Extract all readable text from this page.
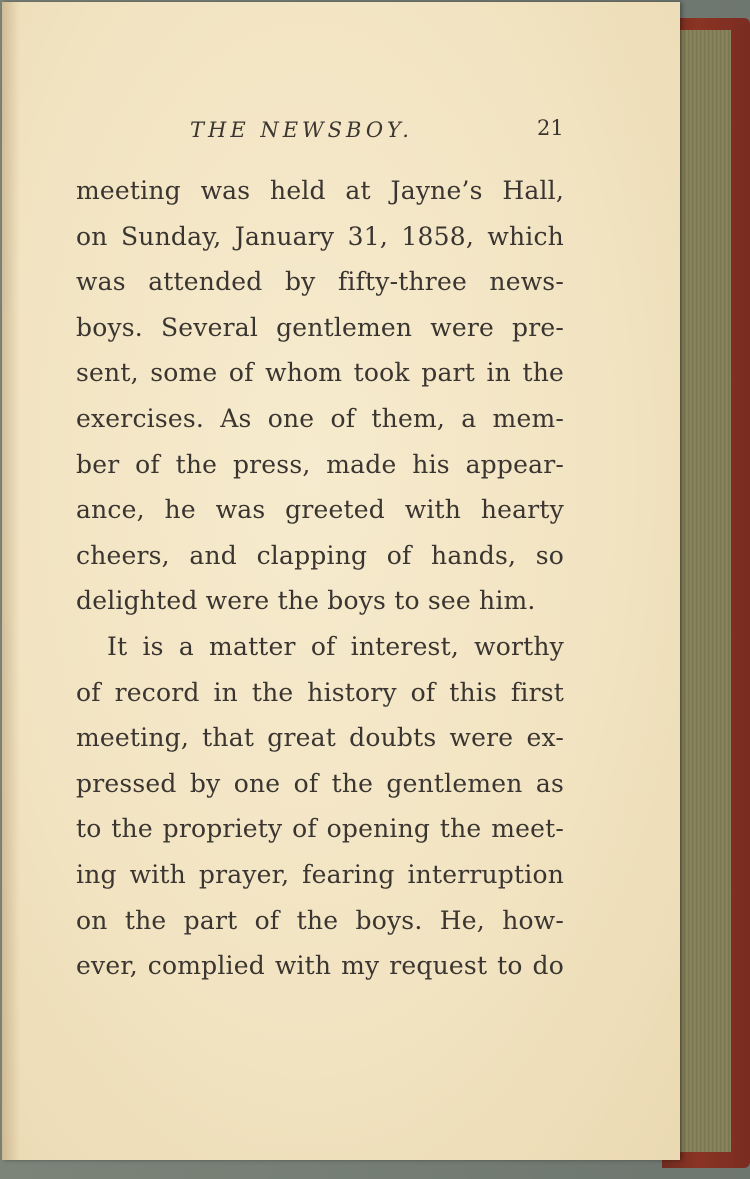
THE NEWSBOY.	21
meeting was held at Jayne’s Hall,
on Sunday, January 31, 1858, which
was attended by fifty-three news-
boys. Several gentlemen were pre-
sent, some of whom took part in the
exercises. As one of them, a mem-
ber of the press, made his appear-
ance, he was greeted with hearty
cheers, and clapping of hands, so
delighted were the boys to see him.
It is a matter of interest, worthy
of record in the history of this first
meeting, that great doubts were ex-
pressed by one of the gentlemen as
to the propriety of opening the meet-
ing with prayer, fearing interruption
on the part of the boys. He, how-
ever, complied with my request to do
